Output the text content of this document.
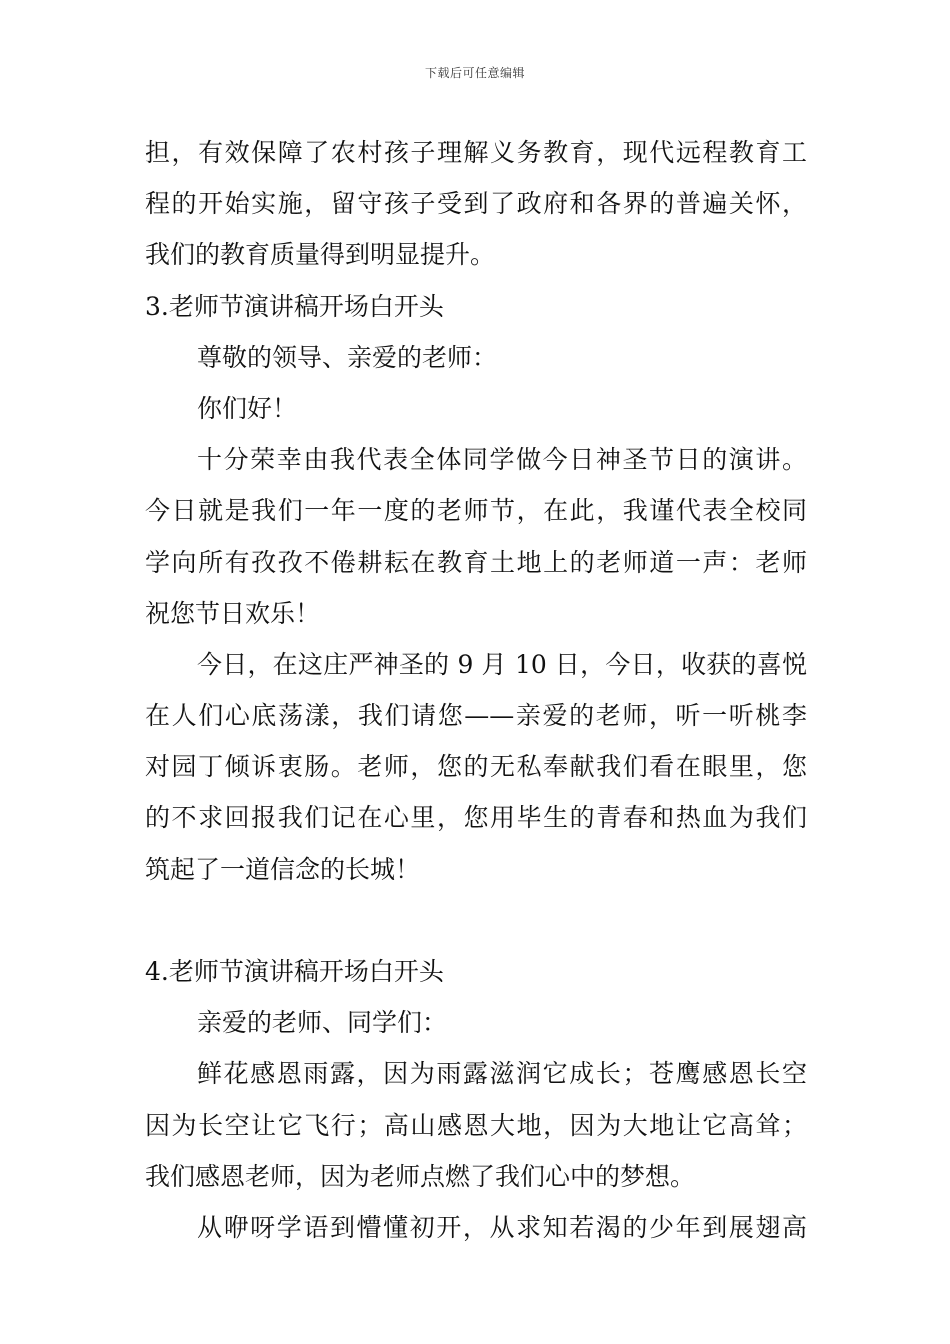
下载后可任意编辑
担，有效保障了农村孩子理解义务教育，现代远程教育工
程的开始实施，留守孩子受到了政府和各界的普遍关怀，
我们的教育质量得到明显提升。
3.老师节演讲稿开场白开头
尊敬的领导、亲爱的老师：
你们好！
十分荣幸由我代表全体同学做今日神圣节日的演讲。
今日就是我们一年一度的老师节，在此，我谨代表全校同
学向所有孜孜不倦耕耘在教育土地上的老师道一声：老师
祝您节日欢乐！
今日，在这庄严神圣的 9 月 10 日，今日，收获的喜悦
在人们心底荡漾，我们请您——亲爱的老师，听一听桃李
对园丁倾诉衷肠。老师，您的无私奉献我们看在眼里，您
的不求回报我们记在心里，您用毕生的青春和热血为我们
筑起了一道信念的长城！
4.老师节演讲稿开场白开头
亲爱的老师、同学们：
鲜花感恩雨露，因为雨露滋润它成长；苍鹰感恩长空
因为长空让它飞行；高山感恩大地，因为大地让它高耸；
我们感恩老师，因为老师点燃了我们心中的梦想。
从咿呀学语到懵懂初开，从求知若渴的少年到展翅高
